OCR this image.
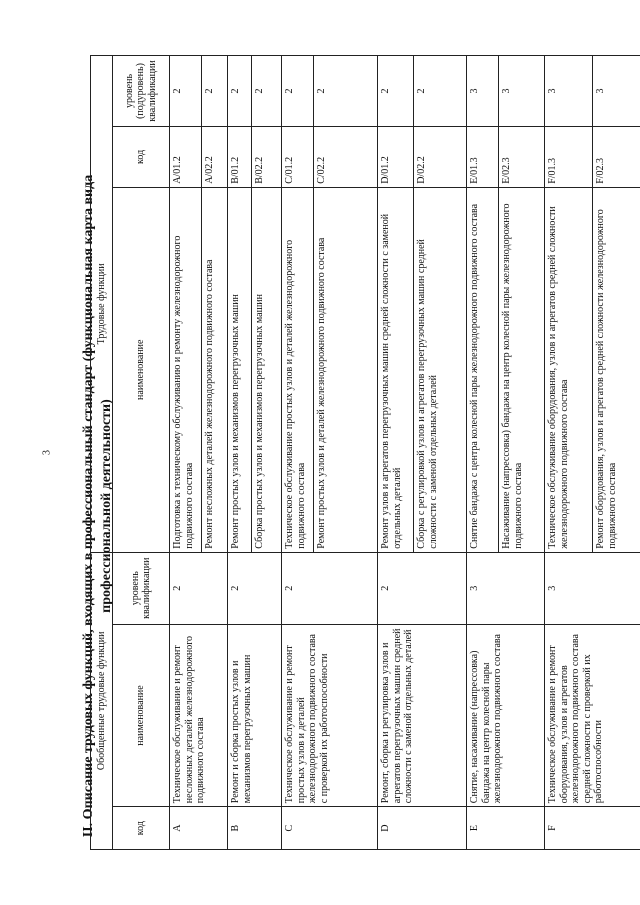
3 II. Описание трудовых функций, входящих в профессиональный стандарт (функциональная карта вида профессиональной деятельности)
Обобщенные трудовые функции			Трудовые функции		
код	наименование	уровень квалификации	наименование	код	уровень (подуровень) квалификации
A	Техническое обслуживание и ремонт несложных деталей железнодорожного подвижного состава	2	Подготовка к техническому обслуживанию и ремонту железнодорожного подвижного состава	A/01.2	2
			Ремонт несложных деталей железнодорожного подвижного состава	A/02.2	2
B	Ремонт и сборка простых узлов и механизмов перегрузочных машин	2	Ремонт простых узлов и механизмов перегрузочных машин	B/01.2	2
			Сборка простых узлов и механизмов перегрузочных машин	B/02.2	2
C	Техническое обслуживание и ремонт простых узлов и деталей железнодорожного подвижного состава с проверкой их работоспособности	2	Техническое обслуживание простых узлов и деталей железнодорожного подвижного состава	C/01.2	2
			Ремонт простых узлов и деталей железнодорожного подвижного состава	C/02.2	2
D	Ремонт, сборка и регулировка узлов и агрегатов перегрузочных машин средней сложности с заменой отдельных деталей	2	Ремонт узлов и агрегатов перегрузочных машин средней сложности с заменой отдельных деталей	D/01.2	2
			Сборка с регулировкой узлов и агрегатов перегрузочных машин средней сложности с заменой отдельных деталей	D/02.2	2
E	Снятие, насаживание (напрессовка) бандажа на центр колесной пары железнодорожного подвижного состава	3	Снятие бандажа с центра колесной пары железнодорожного подвижного состава	E/01.3	3
			Насаживание (напрессовка) бандажа на центр колесной пары железнодорожного подвижного состава	E/02.3	3
F	Техническое обслуживание и ремонт оборудования, узлов и агрегатов железнодорожного подвижного состава средней сложности с проверкой их работоспособности	3	Техническое обслуживание оборудования, узлов и агрегатов средней сложности железнодорожного подвижного состава	F/01.3	3
			Ремонт оборудования, узлов и агрегатов средней сложности железнодорожного подвижного состава	F/02.3	3
